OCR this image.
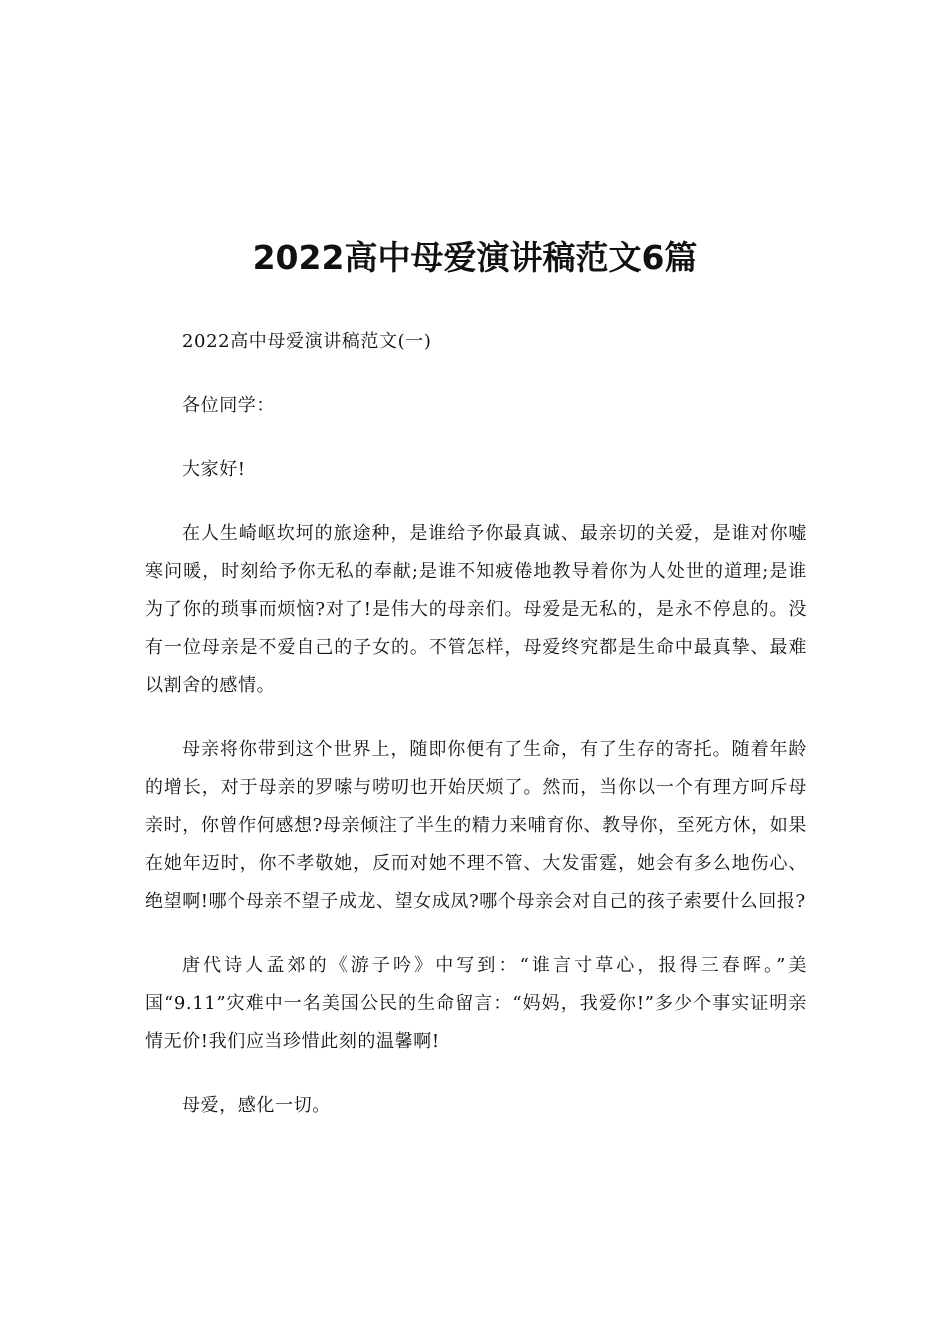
2022高中母爱演讲稿范文6篇

2022高中母爱演讲稿范文(一)

各位同学：

大家好!

在人生崎岖坎坷的旅途种，是谁给予你最真诚、最亲切的关爱，是谁对你嘘寒问暖，时刻给予你无私的奉献;是谁不知疲倦地教导着你为人处世的道理;是谁为了你的琐事而烦恼?对了!是伟大的母亲们。母爱是无私的，是永不停息的。没有一位母亲是不爱自己的子女的。不管怎样，母爱终究都是生命中最真挚、最难以割舍的感情。

母亲将你带到这个世界上，随即你便有了生命，有了生存的寄托。随着年龄的增长，对于母亲的罗嗦与唠叨也开始厌烦了。然而，当你以一个有理方呵斥母亲时，你曾作何感想?母亲倾注了半生的精力来哺育你、教导你，至死方休，如果在她年迈时，你不孝敬她，反而对她不理不管、大发雷霆，她会有多么地伤心、绝望啊!哪个母亲不望子成龙、望女成凤?哪个母亲会对自己的孩子索要什么回报?

唐代诗人孟郊的《游子吟》中写到：“谁言寸草心，报得三春晖。”美国“9.11”灾难中一名美国公民的生命留言：“妈妈，我爱你!”多少个事实证明亲情无价!我们应当珍惜此刻的温馨啊!

母爱，感化一切。
